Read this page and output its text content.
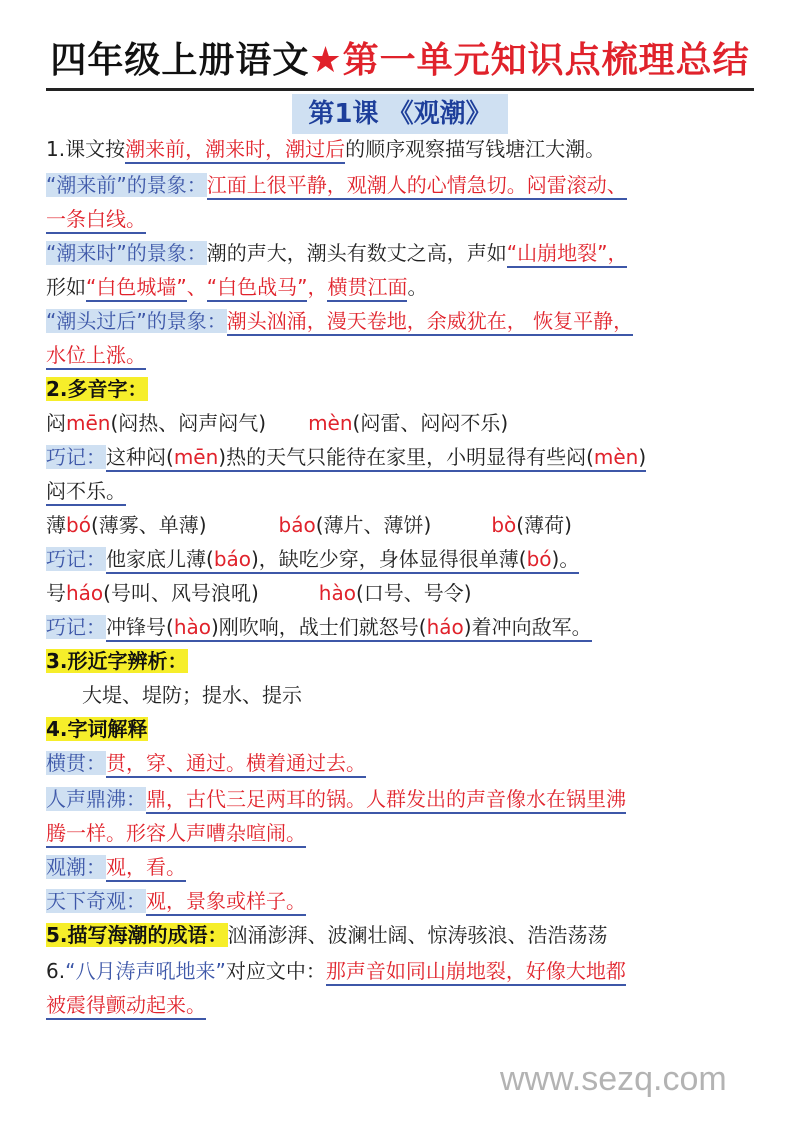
四年级上册语文★第一单元知识点梳理总结
第1课 《观潮》
1.课文按潮来前，潮来时，潮过后的顺序观察描写钱塘江大潮。
“潮来前”的景象：江面上很平静，观潮人的心情急切。闷雷滚动、
一条白线。
“潮来时”的景象：潮的声大，潮头有数丈之高，声如“山崩地裂”，
形如“白色城墙”、“白色战马”，横贯江面。
“潮头过后”的景象：潮头汹涌，漫天卷地，余威犹在， 恢复平静，
水位上涨。
2.多音字：
闷mēn(闷热、闷声闷气) mèn(闷雷、闷闷不乐)
巧记：这种闷(mēn)热的天气只能待在家里，小明显得有些闷(mèn)
闷不乐。
薄bó(薄雾、单薄)	báo(薄片、薄饼)	bò(薄荷)
巧记：他家底儿薄(báo)，缺吃少穿，身体显得很单薄(bó)。
号háo(号叫、风号浪吼)	hào(口号、号令)
巧记：冲锋号(hào)刚吹响，战士们就怒号(háo)着冲向敌军。
3.形近字辨析：
大堤、堤防；提水、提示
4.字词解释
横贯：贯，穿、通过。横着通过去。
人声鼎沸：鼎，古代三足两耳的锅。人群发出的声音像水在锅里沸
腾一样。形容人声嘈杂喧闹。
观潮：观，看。
天下奇观：观，景象或样子。
5.描写海潮的成语：汹涌澎湃、波澜壮阔、惊涛骇浪、浩浩荡荡
6.“八月涛声吼地来”对应文中：那声音如同山崩地裂，好像大地都
被震得颤动起来。
www.sezq.com
